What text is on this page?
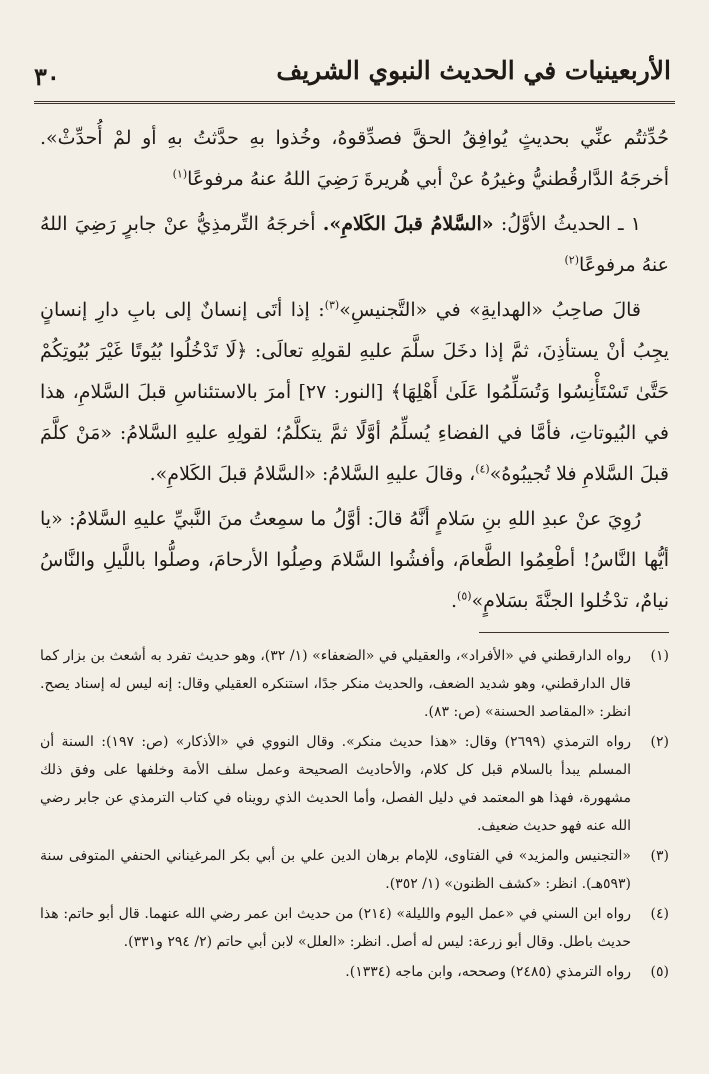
٣٠	الأربعينيات في الحديث النبوي الشريف

حُدِّثتُم عنِّي بحديثٍ يُوافِقُ الحقَّ فصدِّقوهُ، وخُذوا بهِ حدَّثتُ بهِ أو لمْ أُحدِّثْ». أخرجَهُ الدَّارقُطنيُّ وغيرُهُ عنْ أبي هُريرةَ رَضِيَ اللهُ عنهُ مرفوعًا$^{(١)}$

١ ـ الحديثُ الأوَّلُ: «السَّلامُ قبلَ الكَلامِ». أخرجَهُ التِّرمذِيُّ عنْ جابرٍ رَضِيَ اللهُ عنهُ مرفوعًا$^{(٢)}$

قالَ صاحِبُ «الهدايةِ» في «التَّجنيسِ»$^{(٣)}$: إذا أتَى إنسانٌ إلى بابِ دارِ إنسانٍ يجِبُ أنْ يستأذِنَ، ثمَّ إذا دخَلَ سلَّمَ عليهِ لقولِهِ تعالَى: ﴿لَا تَدْخُلُوا بُيُوتًا غَيْرَ بُيُوتِكُمْ حَتَّىٰ تَسْتَأْنِسُوا وَتُسَلِّمُوا عَلَىٰ أَهْلِهَا﴾ [النور: ٢٧] أمرَ بالاستئناسِ قبلَ السَّلامِ، هذا في البُيوتاتِ، فأمَّا في الفضاءِ يُسلِّمُ أوَّلًا ثمَّ يتكلَّمُ؛ لقولِهِ عليهِ السَّلامُ: «مَنْ كلَّمَ قبلَ السَّلامِ فلا تُجيبُوهُ»$^{(٤)}$، وقالَ عليهِ السَّلامُ: «السَّلامُ قبلَ الكَلامِ».

رُوِيَ عنْ عبدِ اللهِ بنِ سَلامٍ أنَّهُ قالَ: أوَّلُ ما سمِعتُ منَ النَّبيِّ عليهِ السَّلامُ: «يا أيُّها النَّاسُ! أطْعِمُوا الطَّعامَ، وأفشُوا السَّلامَ وصِلُوا الأرحامَ، وصلُّوا باللَّيلِ والنَّاسُ نيامٌ، تدْخُلوا الجنَّةَ بسَلامٍ»$^{(٥)}$.

(١)
رواه الدارقطني في «الأفراد»، والعقيلي في «الضعفاء» (١/ ٣٢)، وهو حديث تفرد به أشعث بن بزار كما قال الدارقطني، وهو شديد الضعف، والحديث منكر جدًا، استنكره العقيلي وقال: إنه ليس له إسناد يصح. انظر: «المقاصد الحسنة» (ص: ٨٣).
(٢)
رواه الترمذي (٢٦٩٩) وقال: «هذا حديث منكر». وقال النووي في «الأذكار» (ص: ١٩٧): السنة أن المسلم يبدأ بالسلام قبل كل كلام، والأحاديث الصحيحة وعمل سلف الأمة وخلفها على وفق ذلك مشهورة، فهذا هو المعتمد في دليل الفصل، وأما الحديث الذي رويناه في كتاب الترمذي عن جابر رضي الله عنه فهو حديث ضعيف.
(٣)
«التجنيس والمزيد» في الفتاوى، للإمام برهان الدين علي بن أبي بكر المرغيناني الحنفي المتوفى سنة (٥٩٣هـ). انظر: «كشف الظنون» (١/ ٣٥٢).
(٤)
رواه ابن السني في «عمل اليوم والليلة» (٢١٤) من حديث ابن عمر رضي الله عنهما. قال أبو حاتم: هذا حديث باطل. وقال أبو زرعة: ليس له أصل. انظر: «العلل» لابن أبي حاتم (٢/ ٢٩٤ و٣٣١).
(٥)
رواه الترمذي (٢٤٨٥) وصححه، وابن ماجه (١٣٣٤).
